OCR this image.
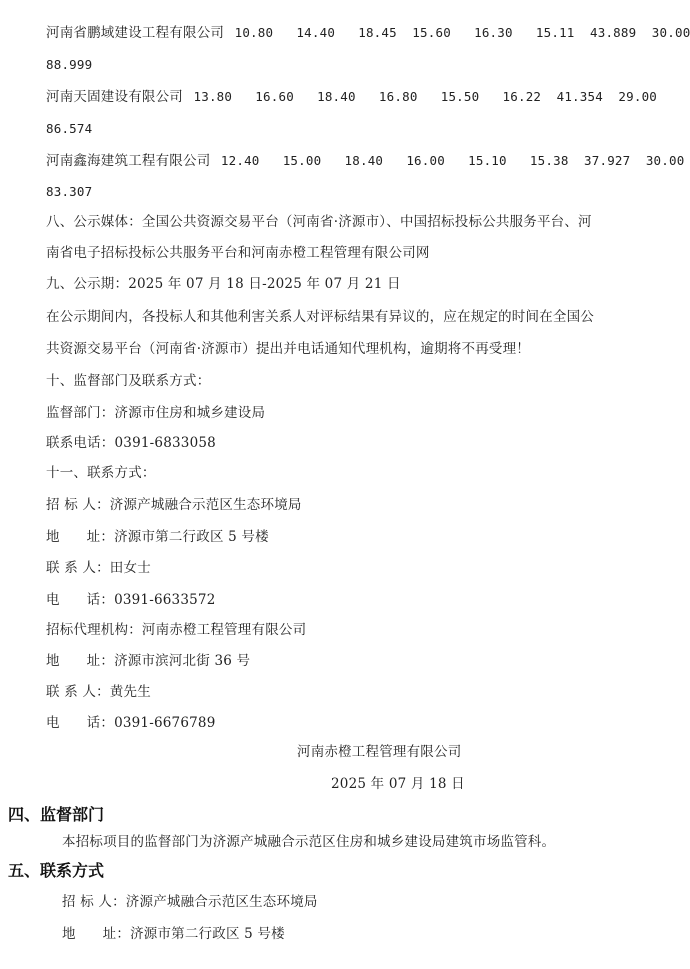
河南省鹏域建设工程有限公司 10.80   14.40   18.45  15.60   16.30   15.11  43.889  30.00
88.999
河南天固建设有限公司 13.80   16.60   18.40   16.80   15.50   16.22  41.354  29.00
86.574
河南鑫海建筑工程有限公司 12.40   15.00   18.40   16.00   15.10   15.38  37.927  30.00
83.307
八、公示媒体：全国公共资源交易平台（河南省·济源市）、中国招标投标公共服务平台、河
南省电子招标投标公共服务平台和河南赤橙工程管理有限公司网
九、公示期：2025 年 07 月 18 日-2025 年 07 月 21 日
在公示期间内，各投标人和其他利害关系人对评标结果有异议的，应在规定的时间在全国公
共资源交易平台（河南省·济源市）提出并电话通知代理机构，逾期将不再受理！
十、监督部门及联系方式：
监督部门：济源市住房和城乡建设局
联系电话：0391-6833058
十一、联系方式：
招 标 人：济源产城融合示范区生态环境局
地      址：济源市第二行政区 5 号楼
联 系 人：田女士
电      话：0391-6633572
招标代理机构：河南赤橙工程管理有限公司
地      址：济源市滨河北街 36 号
联 系 人：黄先生
电      话：0391-6676789
河南赤橙工程管理有限公司
2025 年 07 月 18 日
四、监督部门
本招标项目的监督部门为济源产城融合示范区住房和城乡建设局建筑市场监管科。
五、联系方式
招 标 人：济源产城融合示范区生态环境局
地      址：济源市第二行政区 5 号楼
